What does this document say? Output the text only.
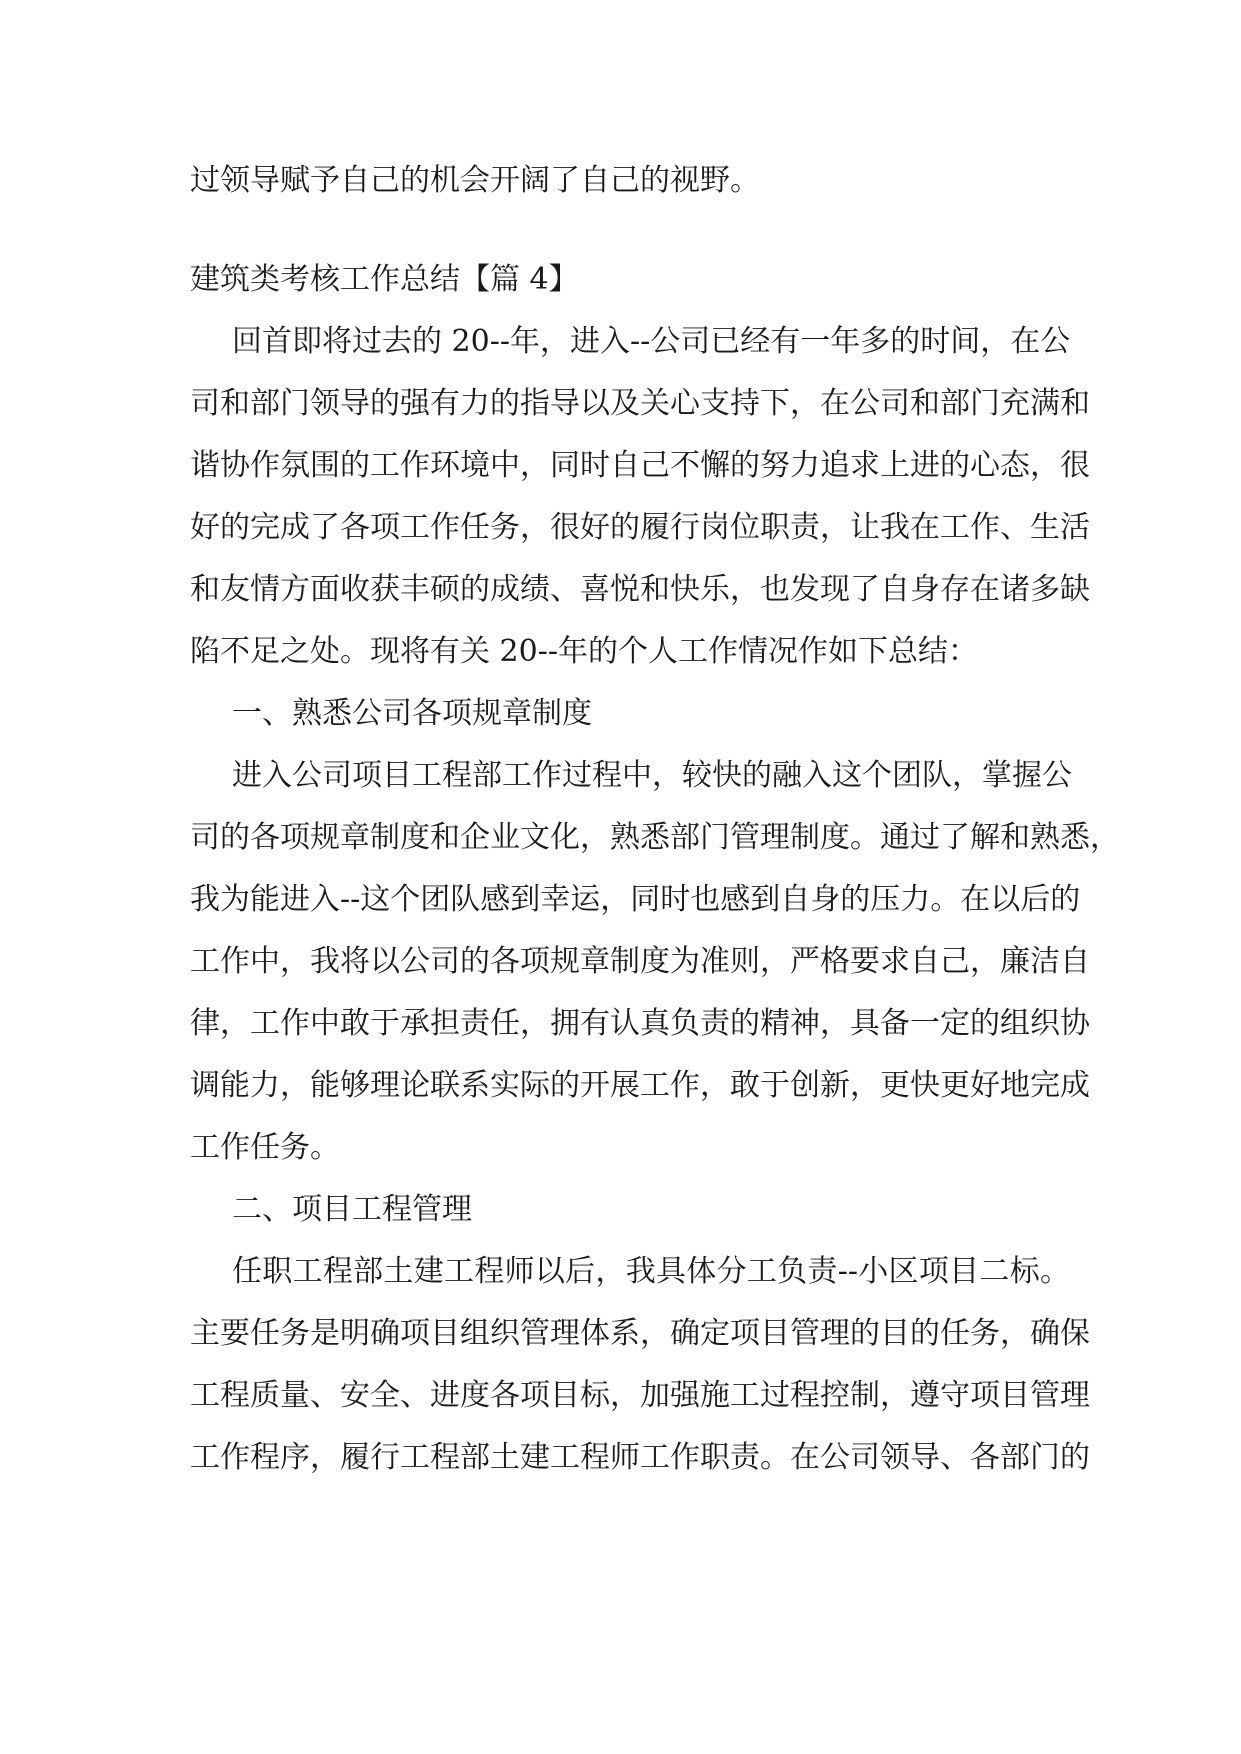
过领导赋予自己的机会开阔了自己的视野。

建筑类考核工作总结【篇 4】

回首即将过去的 20--年，进入--公司已经有一年多的时间，在公

司和部门领导的强有力的指导以及关心支持下，在公司和部门充满和

谐协作氛围的工作环境中，同时自己不懈的努力追求上进的心态，很

好的完成了各项工作任务，很好的履行岗位职责，让我在工作、生活

和友情方面收获丰硕的成绩、喜悦和快乐，也发现了自身存在诸多缺

陷不足之处。现将有关 20--年的个人工作情况作如下总结：

一、熟悉公司各项规章制度

进入公司项目工程部工作过程中，较快的融入这个团队，掌握公

司的各项规章制度和企业文化，熟悉部门管理制度。通过了解和熟悉，

我为能进入--这个团队感到幸运，同时也感到自身的压力。在以后的

工作中，我将以公司的各项规章制度为准则，严格要求自己，廉洁自

律，工作中敢于承担责任，拥有认真负责的精神，具备一定的组织协

调能力，能够理论联系实际的开展工作，敢于创新，更快更好地完成

工作任务。

二、项目工程管理

任职工程部土建工程师以后，我具体分工负责--小区项目二标。

主要任务是明确项目组织管理体系，确定项目管理的目的任务，确保

工程质量、安全、进度各项目标，加强施工过程控制，遵守项目管理

工作程序，履行工程部土建工程师工作职责。在公司领导、各部门的
